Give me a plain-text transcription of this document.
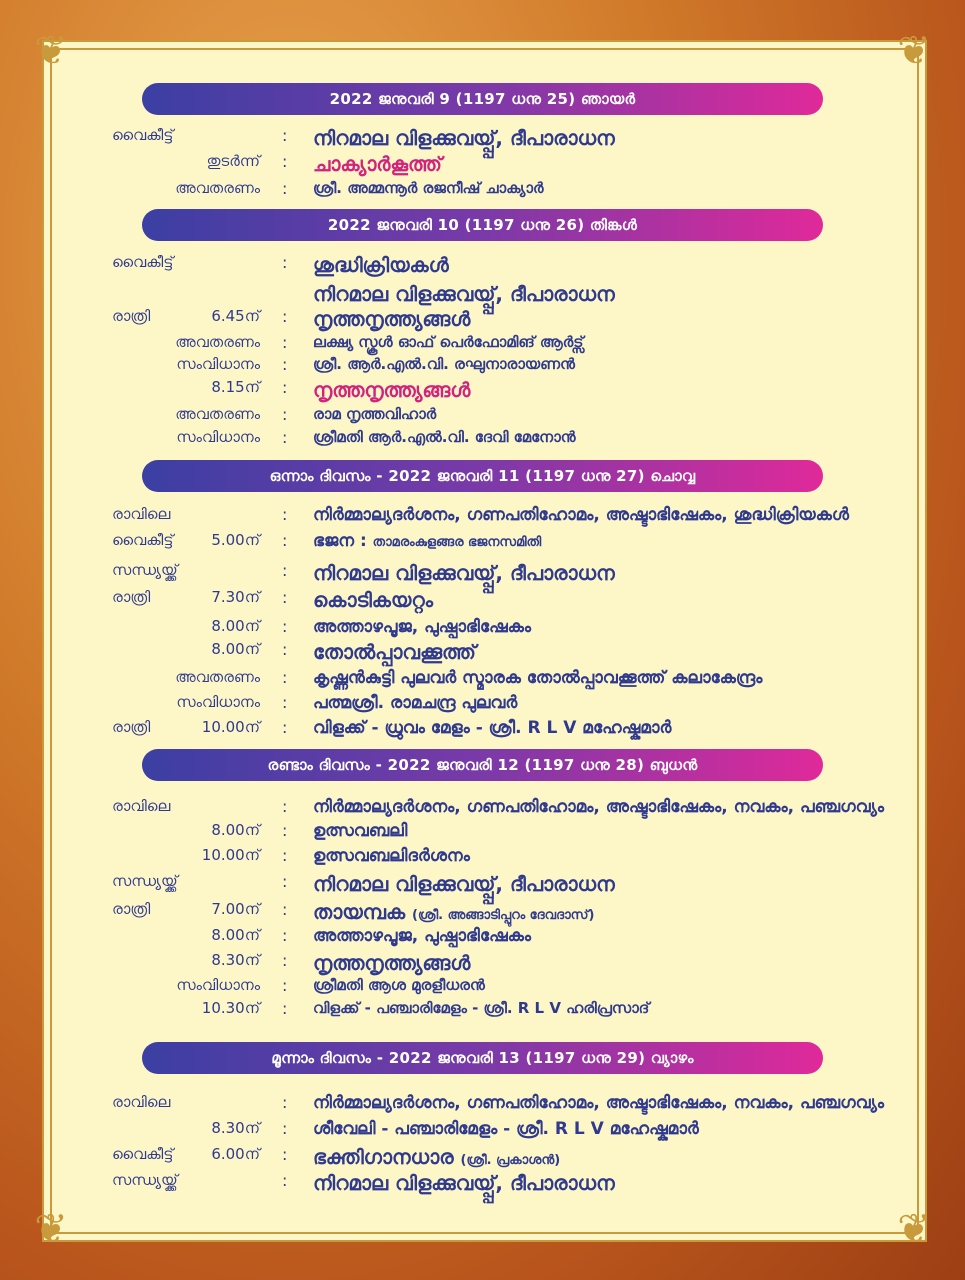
❦	❦
❦	❦
2022 ജനുവരി 9 (1197 ധനു 25) ഞായർ
വൈകീട്ട്	: നിറമാല വിളക്കുവയ്പ്പ്, ദീപാരാധന
തുടർന്ന് : ചാക്യാർകൂത്ത്
അവതരണം : ശ്രീ. അമ്മന്നൂർ രജനീഷ് ചാക്യാർ
2022 ജനുവരി 10 (1197 ധനു 26) തിങ്കൾ
വൈകീട്ട്	: ശുദ്ധിക്രിയകൾ
നിറമാല വിളക്കുവയ്പ്പ്, ദീപാരാധന
രാത്രി	6.45ന് : നൃത്തനൃത്ത്യങ്ങൾ
അവതരണം : ലക്ഷ്യ സ്കൂൾ ഓഫ് പെർഫോമിങ് ആർട്സ്
സംവിധാനം : ശ്രീ. ആർ.എൽ.വി. രഘുനാരായണൻ
8.15ന് : നൃത്തനൃത്ത്യങ്ങൾ
അവതരണം : രാമ നൃത്തവിഹാർ
സംവിധാനം : ശ്രീമതി ആർ.എൽ.വി. ദേവി മേനോൻ
ഒന്നാം ദിവസം - 2022 ജനുവരി 11 (1197 ധനു 27) ചൊവ്വ
രാവിലെ	: നിർമ്മാല്യദർശനം, ഗണപതിഹോമം, അഷ്ടാഭിഷേകം, ശുദ്ധിക്രിയകൾ
വൈകീട്ട്	5.00ന് : ഭജന : താമരംകുളങ്ങര ഭജനസമിതി
സന്ധ്യയ്ക്ക്	: നിറമാല വിളക്കുവയ്പ്പ്, ദീപാരാധന
രാത്രി	7.30ന് : കൊടികയറ്റം
8.00ന് : അത്താഴപൂജ, പുഷ്പാഭിഷേകം
8.00ന് : തോൽപ്പാവക്കൂത്ത്
അവതരണം : കൃഷ്ണൻകുട്ടി പുലവർ സ്മാരക തോൽപ്പാവക്കൂത്ത് കലാകേന്ദ്രം
സംവിധാനം : പത്മശ്രീ. രാമചന്ദ്ര പുലവർ
രാത്രി	10.00ന് : വിളക്ക് - ധ്രുവം മേളം - ശ്രീ. R L V മഹേഷ്കുമാർ
രണ്ടാം ദിവസം - 2022 ജനുവരി 12 (1197 ധനു 28) ബുധൻ
രാവിലെ	: നിർമ്മാല്യദർശനം, ഗണപതിഹോമം, അഷ്ടാഭിഷേകം, നവകം, പഞ്ചഗവ്യം
8.00ന് : ഉത്സവബലി
10.00ന് : ഉത്സവബലിദർശനം
സന്ധ്യയ്ക്ക്	: നിറമാല വിളക്കുവയ്പ്പ്, ദീപാരാധന
രാത്രി	7.00ന് : തായമ്പക (ശ്രീ. അങ്ങാടിപ്പുറം ദേവദാസ്)
8.00ന് : അത്താഴപൂജ, പുഷ്പാഭിഷേകം
8.30ന് : നൃത്തനൃത്ത്യങ്ങൾ
സംവിധാനം : ശ്രീമതി ആശ മുരളീധരൻ
10.30ന് : വിളക്ക് - പഞ്ചാരിമേളം - ശ്രീ. R L V ഹരിപ്രസാദ്
മൂന്നാം ദിവസം - 2022 ജനുവരി 13 (1197 ധനു 29) വ്യാഴം
രാവിലെ	: നിർമ്മാല്യദർശനം, ഗണപതിഹോമം, അഷ്ടാഭിഷേകം, നവകം, പഞ്ചഗവ്യം
8.30ന് : ശീവേലി - പഞ്ചാരിമേളം - ശ്രീ. R L V മഹേഷ്കുമാർ
വൈകീട്ട്	6.00ന് : ഭക്തിഗാനധാര (ശ്രീ. പ്രകാശൻ)
സന്ധ്യയ്ക്ക്	: നിറമാല വിളക്കുവയ്പ്പ്, ദീപാരാധന
